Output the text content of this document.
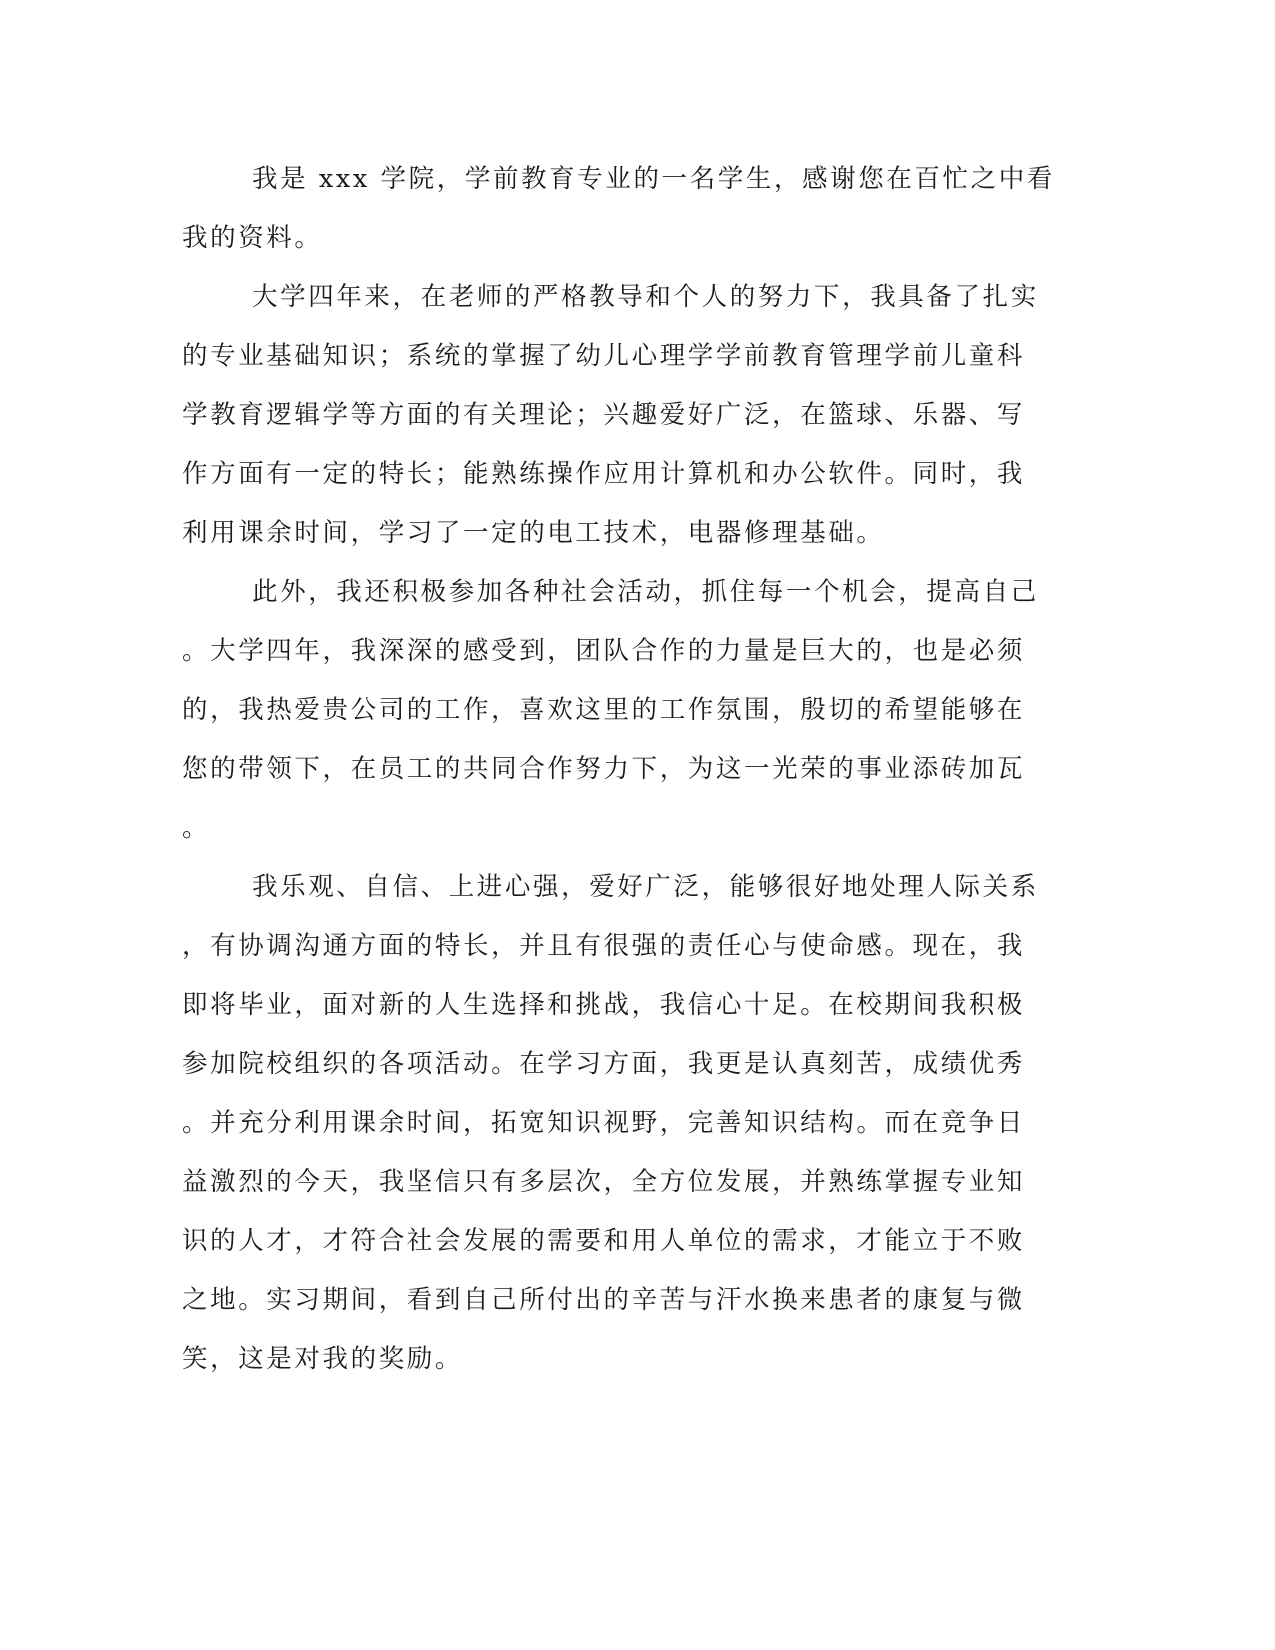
我是 xxx 学院，学前教育专业的一名学生，感谢您在百忙之中看
我的资料。
大学四年来，在老师的严格教导和个人的努力下，我具备了扎实
的专业基础知识；系统的掌握了幼儿心理学学前教育管理学前儿童科
学教育逻辑学等方面的有关理论；兴趣爱好广泛，在篮球、乐器、写
作方面有一定的特长；能熟练操作应用计算机和办公软件。同时，我
利用课余时间，学习了一定的电工技术，电器修理基础。
此外，我还积极参加各种社会活动，抓住每一个机会，提高自己
。大学四年，我深深的感受到，团队合作的力量是巨大的，也是必须
的，我热爱贵公司的工作，喜欢这里的工作氛围，殷切的希望能够在
您的带领下，在员工的共同合作努力下，为这一光荣的事业添砖加瓦
。
我乐观、自信、上进心强，爱好广泛，能够很好地处理人际关系
，有协调沟通方面的特长，并且有很强的责任心与使命感。现在，我
即将毕业，面对新的人生选择和挑战，我信心十足。在校期间我积极
参加院校组织的各项活动。在学习方面，我更是认真刻苦，成绩优秀
。并充分利用课余时间，拓宽知识视野，完善知识结构。而在竞争日
益激烈的今天，我坚信只有多层次，全方位发展，并熟练掌握专业知
识的人才，才符合社会发展的需要和用人单位的需求，才能立于不败
之地。实习期间，看到自己所付出的辛苦与汗水换来患者的康复与微
笑，这是对我的奖励。
